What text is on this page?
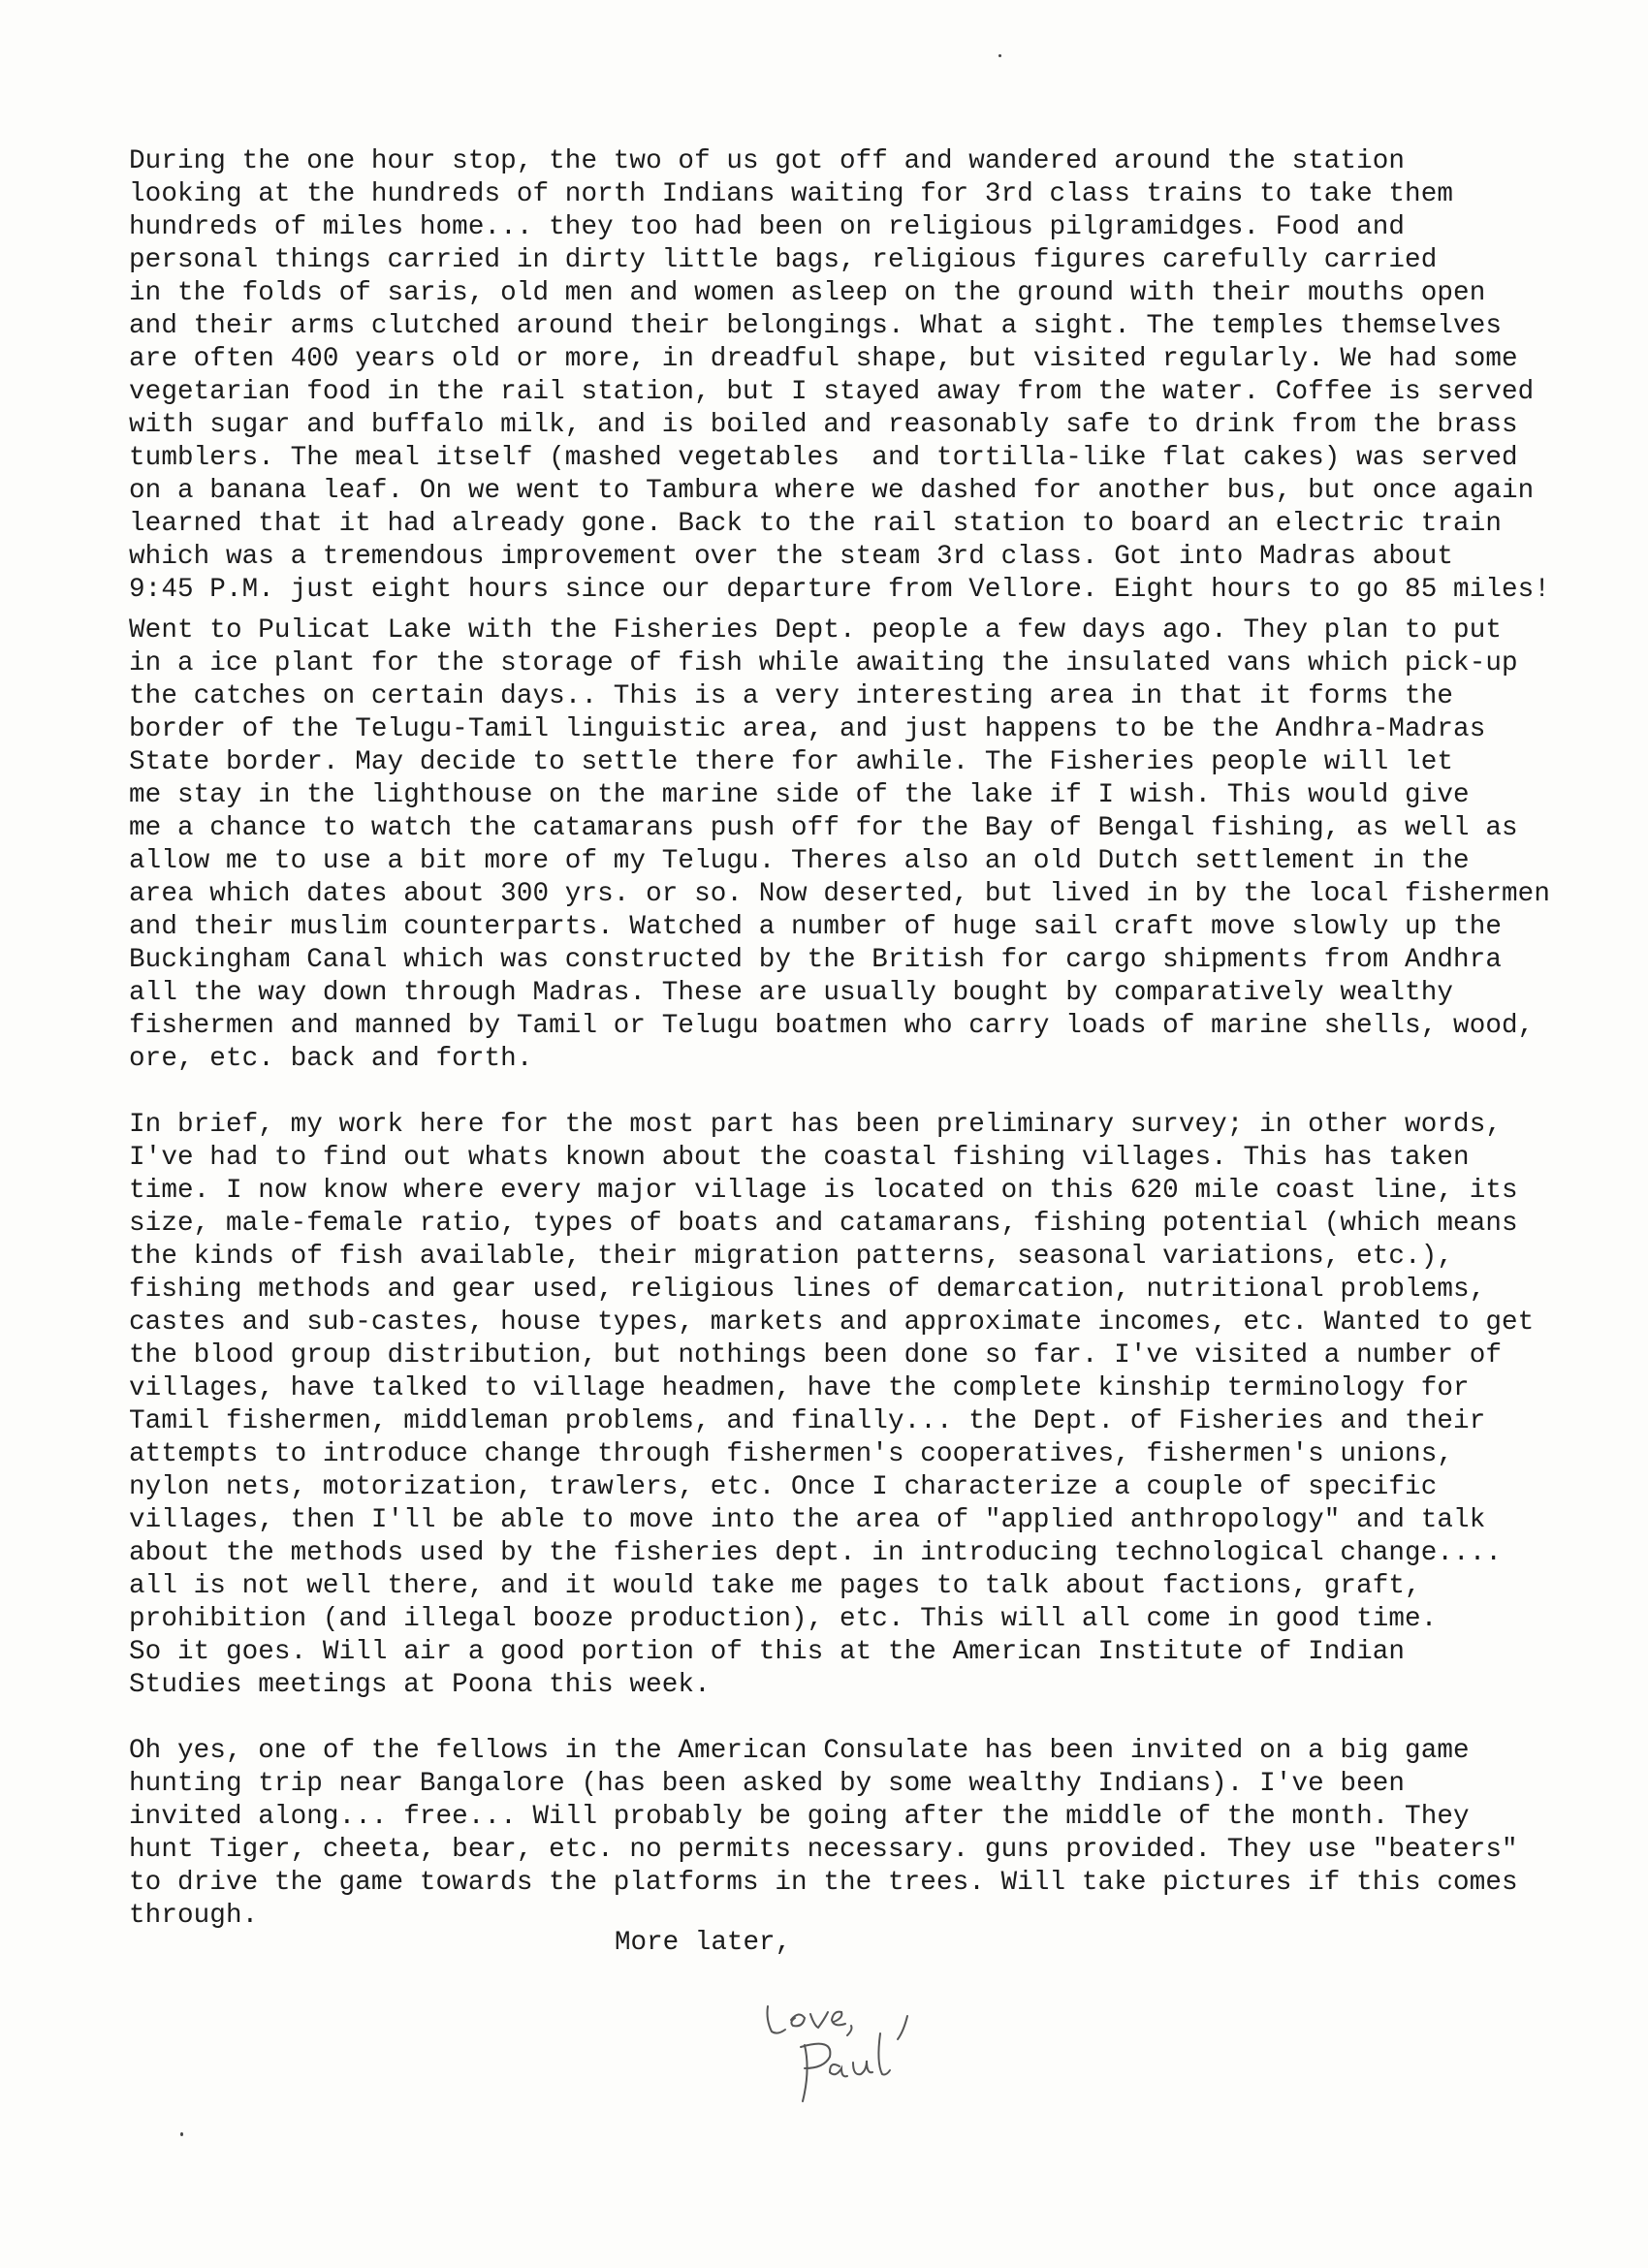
During the one hour stop, the two of us got off and wandered around the station
looking at the hundreds of north Indians waiting for 3rd class trains to take them
hundreds of miles home... they too had been on religious pilgramidges. Food and
personal things carried in dirty little bags, religious figures carefully carried
in the folds of saris, old men and women asleep on the ground with their mouths open
and their arms clutched around their belongings. What a sight. The temples themselves
are often 400 years old or more, in dreadful shape, but visited regularly. We had some
vegetarian food in the rail station, but I stayed away from the water. Coffee is served
with sugar and buffalo milk, and is boiled and reasonably safe to drink from the brass
tumblers. The meal itself (mashed vegetables  and tortilla-like flat cakes) was served
on a banana leaf. On we went to Tambura where we dashed for another bus, but once again
learned that it had already gone. Back to the rail station to board an electric train
which was a tremendous improvement over the steam 3rd class. Got into Madras about
9:45 P.M. just eight hours since our departure from Vellore. Eight hours to go 85 miles!
Went to Pulicat Lake with the Fisheries Dept. people a few days ago. They plan to put
in a ice plant for the storage of fish while awaiting the insulated vans which pick-up
the catches on certain days.. This is a very interesting area in that it forms the
border of the Telugu-Tamil linguistic area, and just happens to be the Andhra-Madras
State border. May decide to settle there for awhile. The Fisheries people will let
me stay in the lighthouse on the marine side of the lake if I wish. This would give
me a chance to watch the catamarans push off for the Bay of Bengal fishing, as well as
allow me to use a bit more of my Telugu. Theres also an old Dutch settlement in the
area which dates about 300 yrs. or so. Now deserted, but lived in by the local fishermen
and their muslim counterparts. Watched a number of huge sail craft move slowly up the
Buckingham Canal which was constructed by the British for cargo shipments from Andhra
all the way down through Madras. These are usually bought by comparatively wealthy
fishermen and manned by Tamil or Telugu boatmen who carry loads of marine shells, wood,
ore, etc. back and forth.
In brief, my work here for the most part has been preliminary survey; in other words,
I've had to find out whats known about the coastal fishing villages. This has taken
time. I now know where every major village is located on this 620 mile coast line, its
size, male-female ratio, types of boats and catamarans, fishing potential (which means
the kinds of fish available, their migration patterns, seasonal variations, etc.),
fishing methods and gear used, religious lines of demarcation, nutritional problems,
castes and sub-castes, house types, markets and approximate incomes, etc. Wanted to get
the blood group distribution, but nothings been done so far. I've visited a number of
villages, have talked to village headmen, have the complete kinship terminology for
Tamil fishermen, middleman problems, and finally... the Dept. of Fisheries and their
attempts to introduce change through fishermen's cooperatives, fishermen's unions,
nylon nets, motorization, trawlers, etc. Once I characterize a couple of specific
villages, then I'll be able to move into the area of "applied anthropology" and talk
about the methods used by the fisheries dept. in introducing technological change....
all is not well there, and it would take me pages to talk about factions, graft,
prohibition (and illegal booze production), etc. This will all come in good time.
So it goes. Will air a good portion of this at the American Institute of Indian
Studies meetings at Poona this week.
Oh yes, one of the fellows in the American Consulate has been invited on a big game
hunting trip near Bangalore (has been asked by some wealthy Indians). I've been
invited along... free... Will probably be going after the middle of the month. They
hunt Tiger, cheeta, bear, etc. no permits necessary. guns provided. They use "beaters"
to drive the game towards the platforms in the trees. Will take pictures if this comes
through.
More later,
Love, Paul
